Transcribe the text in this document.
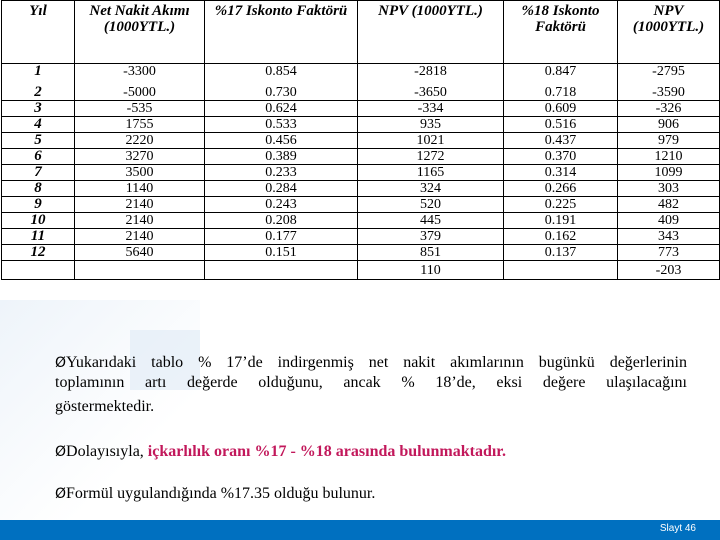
Yıl	Net Nakit Akımı (1000YTL.)	%17 Iskonto Faktörü	NPV (1000YTL.)	%18 Iskonto Faktörü	NPV (1000YTL.)
1	-3300	0.854	-2818	0.847	-2795

2	-5000	0.730	-3650	0.718	-3590
3	-535	0.624	-334	0.609	-326
4	1755	0.533	935	0.516	906
5	2220	0.456	1021	0.437	979
6	3270	0.389	1272	0.370	1210
7	3500	0.233	1165	0.314	1099
8	1140	0.284	324	0.266	303
9	2140	0.243	520	0.225	482
10	2140	0.208	445	0.191	409
11	2140	0.177	379	0.162	343
12	5640	0.151	851	0.137	773
			110		-203
ØYukarıdaki tablo % 17’de indirgenmiş net nakit akımlarının bugünkü değerlerinin
toplamının artı değerde olduğunu, ancak % 18’de, eksi değere ulaşılacağını
göstermektedir.
ØDolayısıyla, içkarlılık oranı %17 - %18 arasında bulunmaktadır.
ØFormül uygulandığında %17.35 olduğu bulunur.
Slayt 46
